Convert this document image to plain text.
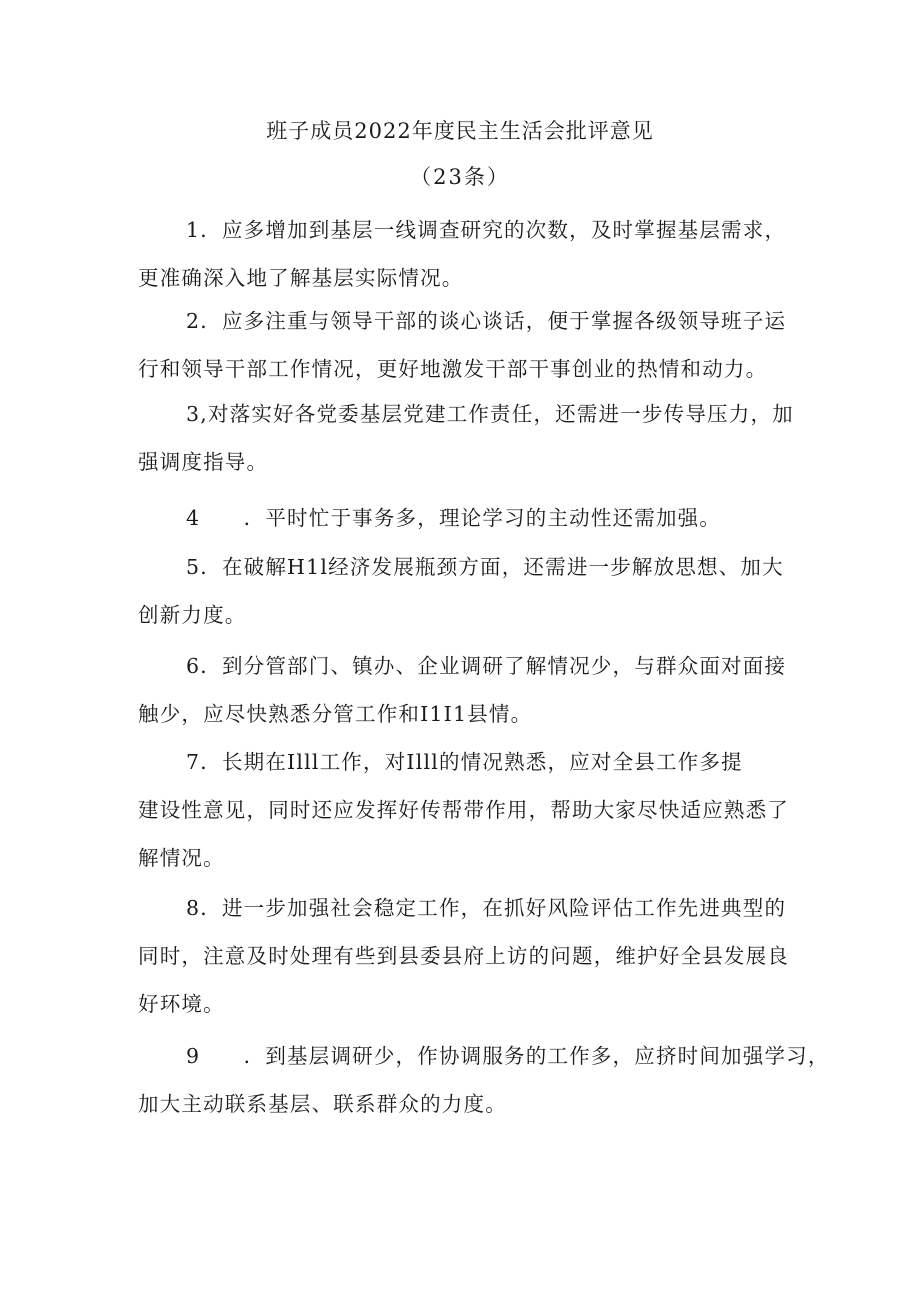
班子成员2022年度民主生活会批评意见
（23条）
1．应多增加到基层一线调查研究的次数，及时掌握基层需求，
更准确深入地了解基层实际情况。
2．应多注重与领导干部的谈心谈话，便于掌握各级领导班子运
行和领导干部工作情况，更好地激发干部干事创业的热情和动力。
3,对落实好各党委基层党建工作责任，还需进一步传导压力，加
强调度指导。
4　　．平时忙于事务多，理论学习的主动性还需加强。
5．在破解H1l经济发展瓶颈方面，还需进一步解放思想、加大
创新力度。
6．到分管部门、镇办、企业调研了解情况少，与群众面对面接
触少，应尽快熟悉分管工作和I1I1县情。
7．长期在Illl工作，对Illl的情况熟悉，应对全县工作多提
建设性意见，同时还应发挥好传帮带作用，帮助大家尽快适应熟悉了
解情况。
8．进一步加强社会稳定工作，在抓好风险评估工作先进典型的
同时，注意及时处理有些到县委县府上访的问题，维护好全县发展良
好环境。
9　　．到基层调研少，作协调服务的工作多，应挤时间加强学习，
加大主动联系基层、联系群众的力度。
